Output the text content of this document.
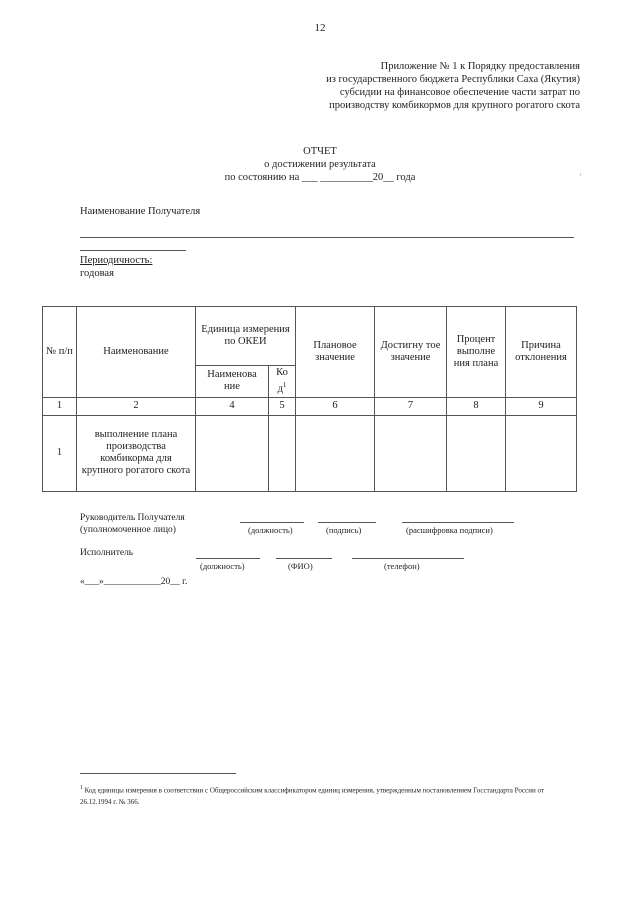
12
Приложение № 1 к Порядку предоставления
из государственного бюджета Республики Саха (Якутия)
субсидии на финансовое обеспечение части затрат по
производству комбикормов для крупного рогатого скота
ОТЧЕТ
о достижении результата
по состоянию на ___ __________20__ года	'
Наименование Получателя
Периодичность:
годовая
№ п/п	Наименование	Единица измерения по ОКЕИ		Плановое значение	Достигну тое значение	Процент выполне ния плана	Причина отклонения
		Наименова ние	Ко $д^1$
1	2	4	5	6	7	8	9
1	выполнение плана производства комбикорма для крупного рогатого скота						
Руководитель Получателя
(уполномоченное лицо)	(должность)	(подпись)	(расшифровка подписи)
Исполнитель
(должность)	(ФИО)	(телефон)
«___»____________20__ г.
$^1$ Код единицы измерения в соответствии с Общероссийским классификатором единиц измерения, утвержденным постановлением Госстандарта России от 26.12.1994 г. № 366.
